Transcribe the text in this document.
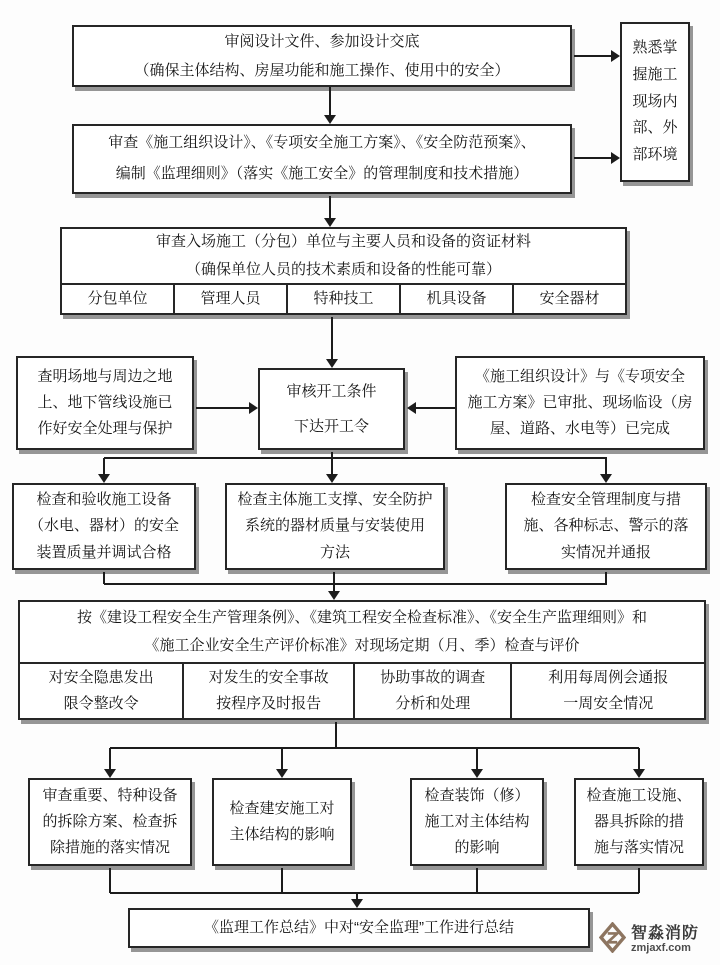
审阅设计文件、参加设计交底
（确保主体结构、房屋功能和施工操作、使用中的安全）
熟悉掌
握施工
现场内
部、外
部环境
审查《施工组织设计》、《专项安全施工方案》、《安全防范预案》、
编制《监理细则》（落实《施工安全》的管理制度和技术措施）
审查入场施工（分包）单位与主要人员和设备的资证材料
（确保单位人员的技术素质和设备的性能可靠）
分包单位	管理人员	特种技工	机具设备	安全器材
查明场地与周边之地
上、地下管线设施已
作好安全处理与保护
审核开工条件
下达开工令
《施工组织设计》与《专项安全
施工方案》已审批、现场临设（房
屋、道路、水电等）已完成
检查和验收施工设备
（水电、器材）的安全
装置质量并调试合格
检查主体施工支撑、安全防护
系统的器材质量与安装使用
方法
检查安全管理制度与措
施、各种标志、警示的落
实情况并通报
按《建设工程安全生产管理条例》、《建筑工程安全检查标准》、《安全生产监理细则》和
《施工企业安全生产评价标准》对现场定期（月、季）检查与评价
对安全隐患发出
限令整改令
对发生的安全事故
按程序及时报告
协助事故的调查
分析和处理
利用每周例会通报
一周安全情况
审查重要、特种设备
的拆除方案、检查拆
除措施的落实情况
检查建安施工对
主体结构的影响
检查装饰（修）
施工对主体结构
的影响
检查施工设施、
器具拆除的措
施与落实情况
《监理工作总结》中对“安全监理”工作进行总结	智淼消防
zmjaxf.com
